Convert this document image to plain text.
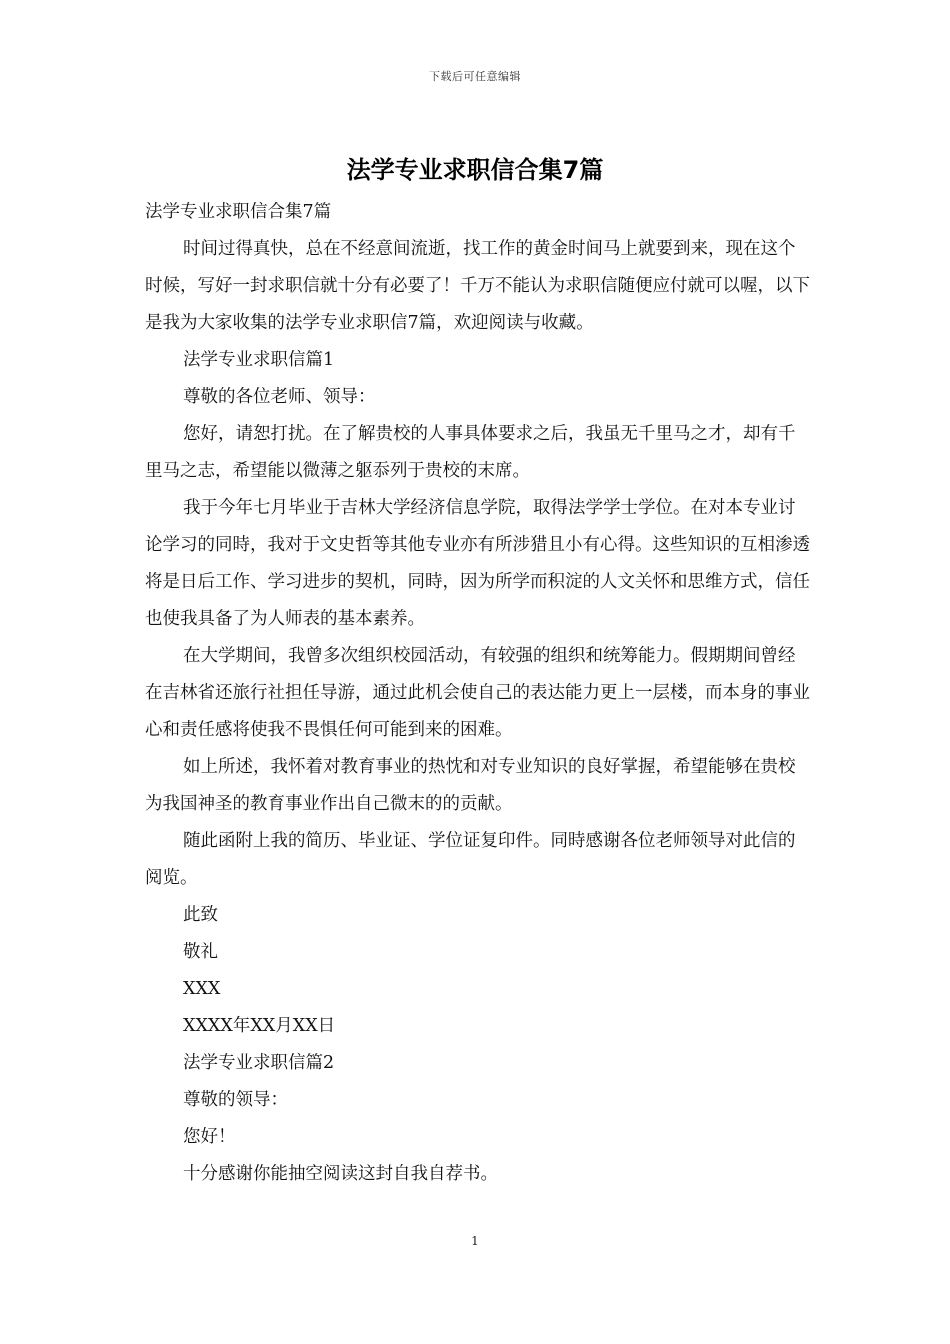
下载后可任意编辑
法学专业求职信合集7篇

法学专业求职信合集7篇

时间过得真快，总在不经意间流逝，找工作的黄金时间马上就要到来，现在这个时候，写好一封求职信就十分有必要了！千万不能认为求职信随便应付就可以喔，以下是我为大家收集的法学专业求职信7篇，欢迎阅读与收藏。

法学专业求职信篇1

尊敬的各位老师、领导：

您好，请恕打扰。在了解贵校的人事具体要求之后，我虽无千里马之才，却有千里马之志，希望能以微薄之躯忝列于贵校的末席。

我于今年七月毕业于吉林大学经济信息学院，取得法学学士学位。在对本专业讨论学习的同時，我对于文史哲等其他专业亦有所涉猎且小有心得。这些知识的互相渗透将是日后工作、学习进步的契机，同時，因为所学而积淀的人文关怀和思维方式，信任也使我具备了为人师表的基本素养。

在大学期间，我曾多次组织校园活动，有较强的组织和统筹能力。假期期间曾经在吉林省还旅行社担任导游，通过此机会使自己的表达能力更上一层楼，而本身的事业心和责任感将使我不畏惧任何可能到来的困难。

如上所述，我怀着对教育事业的热忱和对专业知识的良好掌握，希望能够在贵校为我国神圣的教育事业作出自己微末的的贡献。

随此函附上我的简历、毕业证、学位证复印件。同時感谢各位老师领导对此信的阅览。

此致

敬礼

XXX

XXXX年XX月XX日

法学专业求职信篇2

尊敬的领导：

您好！

十分感谢你能抽空阅读这封自我自荐书。

1
